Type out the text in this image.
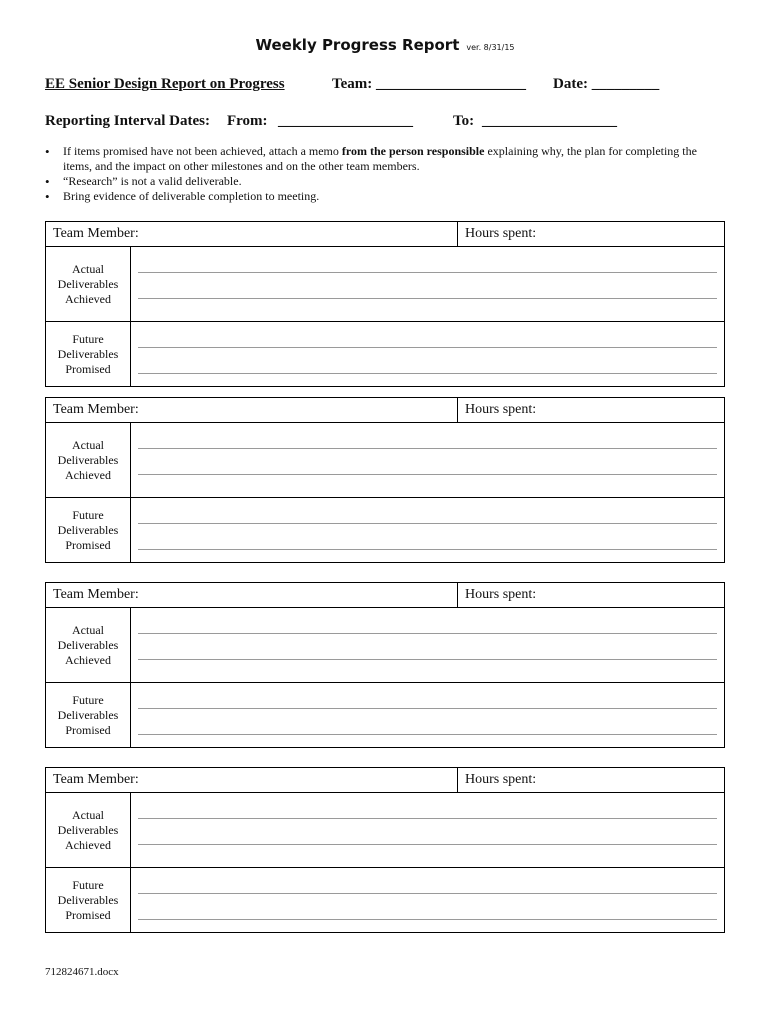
Weekly Progress Report ver. 8/31/15
EE Senior Design Report on Progress	Team: ____________________ Date: _________
Reporting Interval Dates: From: __________________	To: __________________
• If items promised have not been achieved, attach a memo from the person responsible explaining why, the plan for completing the items, and the impact on other milestones and on the other team members.
• “Research” is not a valid deliverable.
• Bring evidence of deliverable completion to meeting.
Team Member:	Hours spent:
Actual Deliverables Achieved
Future Deliverables Promised
Team Member:	Hours spent:
Actual Deliverables Achieved
Future Deliverables Promised
Team Member:	Hours spent:
Actual Deliverables Achieved
Future Deliverables Promised
Team Member:	Hours spent:
Actual Deliverables Achieved
Future Deliverables Promised
712824671.docx
